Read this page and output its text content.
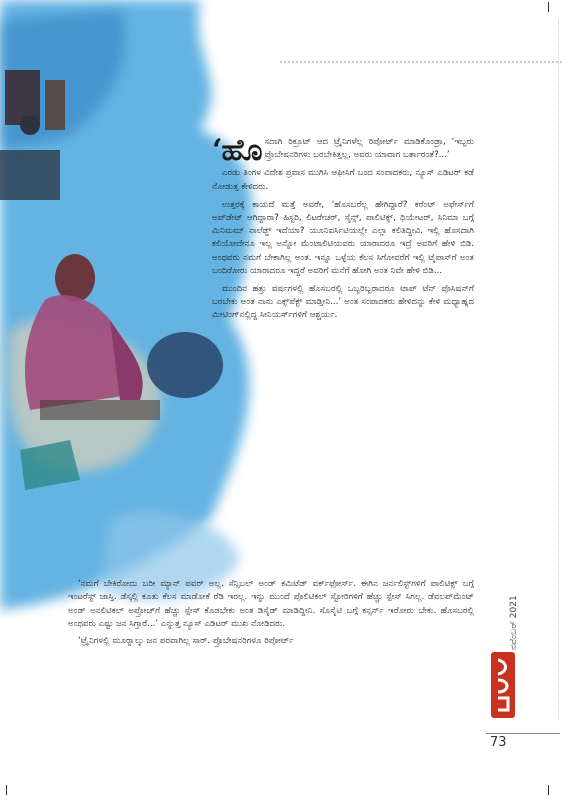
‘ಹೊಸದಾಗಿ ರಿಕ್ರೂಟ್ ಆದ ಟ್ರೈನಿಗಳೆಲ್ಲ ರಿಪೋರ್ಟ್ ಮಾಡಿಕೊಂಡ್ರಾ, ‘ಇಬ್ಬರು ಪ್ರೊಬೇಷನರಿಗಳು ಬರಬೇಕಿತ್ತಲ್ಲ, ಅವರು ಯಾವಾಗ ಬರ್ತಾರಂತೆ?...’

ಎರಡು ತಿಂಗಳ ವಿದೇಶ ಪ್ರವಾಸ ಮುಗಿಸಿ ಆಫೀಸಿಗೆ ಬಂದ ಸಂಪಾದಕರು, ನ್ಯೂಸ್ ಎಡಿಟರ್ ಕಡೆ ನೋಡುತ್ತ ಕೇಳಿದರು.

ಉತ್ತರಕ್ಕೆ ಕಾಯದೆ ಮತ್ತೆ ಅವರೇ, ‘ಹೊಸಬರೆಲ್ಲ ಹೇಗಿದ್ದಾರೆ? ಕರೆಂಟ್ ಅಫೇರ್ಸ್‌ಗೆ ಅಪ್‌ಡೇಟ್ ಆಗಿದ್ದಾರಾ? ಹಿಸ್ಟರಿ, ಲಿಟರೇಚರ್, ಸೈನ್ಸ್, ಪಾಲಿಟಿಕ್ಸ್, ಥಿಯೇಟರ್, ಸಿನಿಮಾ ಬಗ್ಗೆ ಮಿನಿಮಮ್ ನಾಲೆಡ್ಜ್ ಇದೆಯಾ? ಯೂನಿವರ್ಸಿಟಿಯಲ್ಲೇ ಎಲ್ಲಾ ಕಲಿತಿದ್ದೀವಿ. ಇಲ್ಲಿ ಹೊಸದಾಗಿ ಕಲಿಯೋದೇನೂ ಇಲ್ಲ ಅನ್ನೋ ಮೆಂಟಾಲಿಟಿಯವರು ಯಾರಾದರೂ ಇದ್ರೆ ಅವರಿಗೆ ಹೇಳಿ ಬಿಡಿ. ಅಂಥವರು ನಮಗೆ ಬೇಕಾಗಿಲ್ಲ ಅಂತ. ಇನ್ನೂ ಒಳ್ಳೆಯ ಕೆಲಸ ಸಿಗೋವರೆಗೆ ಇಲ್ಲಿ ಟೈಪಾಸ್‌ಗೆ ಅಂತ ಬಂದಿರೋರು ಯಾರಾದರೂ ಇದ್ದರೆ ಅವರಿಗೆ ಮನೆಗೆ ಹೋಗಿ ಅಂತ ನಿವೇ ಹೇಳಿ ಬಿಡಿ...

ಮುಂದಿನ ಹತ್ತು ವರ್ಷಗಳಲ್ಲಿ ಹೊಸಬರಲ್ಲಿ ಒಬ್ಬರಿಬ್ಬರಾದರೂ ಟಾಪ್ ಟೆನ್ ಪೊಸಿಷನ್‌ಗೆ ಬರಬೇಕು ಅಂತ ನಾನು ಎಕ್ಸ್‌ಪೆಕ್ಟ್ ಮಾಡ್ತೀನಿ...’ ಅಂತ ಸಂಪಾದಕರು ಹೇಳಿದನ್ನು ಕೇಳಿ ಮಧ್ಯಾಹ್ನದ ಮೀಟಿಂಗ್‌ನಲ್ಲಿದ್ದ ಸೀನಿಯರ್ಸ್‌ಗಳಿಗೆ ಆಶ್ಚರ್ಯ.

‘ನಮಗೆ ಬೇಕಿರೋದು ಬರೀ ಮ್ಯಾನ್ ಪವರ್ ಅಲ್ಲ. ಸೆನ್ಸಿಬಲ್ ಅಂಡ್ ಕಮಿಟೆಡ್ ವರ್ಕ್‌ಫೋರ್ಸ್. ಈಗಿನ ಜರ್ನಲಿಸ್ಟ್‌ಗಳಿಗೆ ಪಾಲಿಟಿಕ್ಸ್ ಬಗ್ಗೆ ಇಂಟರೆಸ್ಟ್ ಜಾಸ್ತಿ. ಡೆಸ್ಕಲ್ಲಿ ಕೂತು ಕೆಲಸ ಮಾಡೋಕೆ ರೆಡಿ ಇರಲ್ಲ. ಇನ್ನು ಮುಂದೆ ಪೊಲಿಟಿಕಲ್ ಸ್ಟೋರಿಗಳಿಗೆ ಹೆಚ್ಚು ಸ್ಪೇಸ್ ಸಿಗಲ್ಲ. ಡೆವಲಪ್‌ಮೆಂಟ್ ಅಂಡ್ ಅನಲಿಟಿಕಲ್ ಅಪ್ರೋಚ್‌ಗೆ ಹೆಚ್ಚು ಸ್ಪೇಸ್ ಕೊಡಬೇಕು ಅಂತ ಡಿಸೈಡ್ ಮಾಡಿದ್ದೀನಿ. ಸೊಸೈಟಿ ಬಗ್ಗೆ ಕನ್ಸರ್ನ್ ಇರೋರು ಬೇಕು. ಹೊಸಬರಲ್ಲಿ ಅಂಥವರು ಎಷ್ಟು ಜನ ಸಿಗ್ತಾರೆ...’ ಎನ್ನುತ್ತ ನ್ಯೂಸ್ ಎಡಿಟರ್ ಮುಖ ನೋಡಿದರು.

‘ಟ್ರೈನಿಗಳಲ್ಲಿ ಮೂರ್‍ನಾಲ್ಕು ಜನ ಪರವಾಗಿಲ್ಲ ಸಾರ್. ಪ್ರೊಬೇಷನರಿಗಳೂ ರಿಪೋರ್ಟ್	ನವೆಂಬರ್ 2021
73
